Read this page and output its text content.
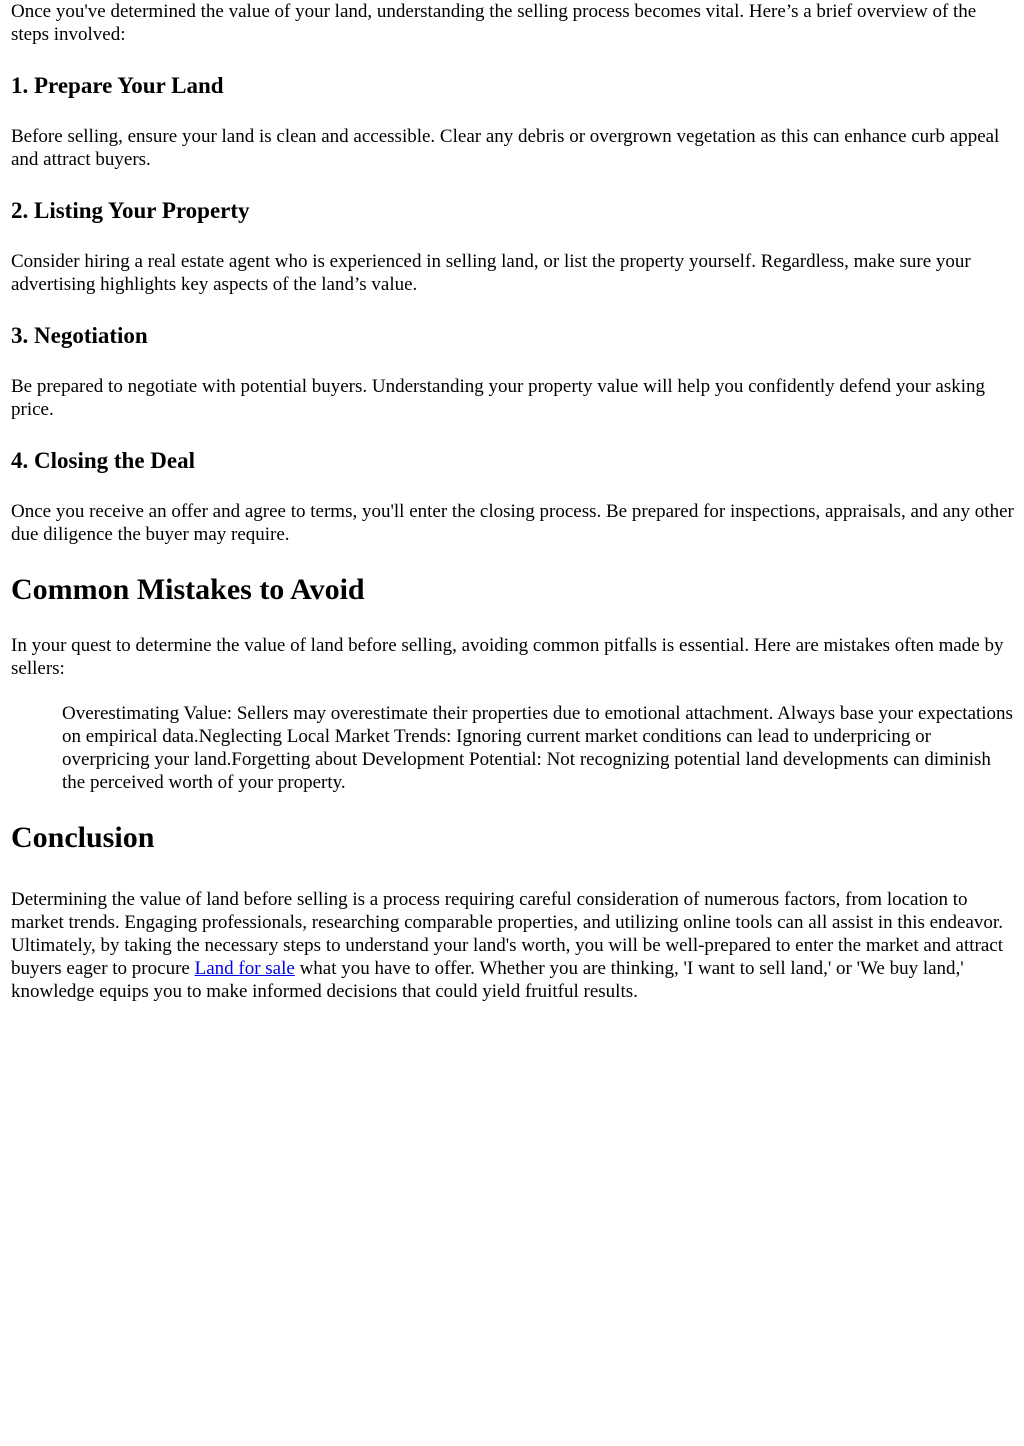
Once you've determined the value of your land, understanding the selling process becomes vital. Here’s a brief overview of the steps involved:

1. Prepare Your Land

Before selling, ensure your land is clean and accessible. Clear any debris or overgrown vegetation as this can enhance curb appeal and attract buyers.

2. Listing Your Property

Consider hiring a real estate agent who is experienced in selling land, or list the property yourself. Regardless, make sure your advertising highlights key aspects of the land’s value.

3. Negotiation

Be prepared to negotiate with potential buyers. Understanding your property value will help you confidently defend your asking price.

4. Closing the Deal

Once you receive an offer and agree to terms, you'll enter the closing process. Be prepared for inspections, appraisals, and any other due diligence the buyer may require.

Common Mistakes to Avoid

In your quest to determine the value of land before selling, avoiding common pitfalls is essential. Here are mistakes often made by sellers:

Overestimating Value: Sellers may overestimate their properties due to emotional attachment. Always base your expectations on empirical data.Neglecting Local Market Trends: Ignoring current market conditions can lead to underpricing or overpricing your land.Forgetting about Development Potential: Not recognizing potential land developments can diminish the perceived worth of your property.
Conclusion

Determining the value of land before selling is a process requiring careful consideration of numerous factors, from location to market trends. Engaging professionals, researching comparable properties, and utilizing online tools can all assist in this endeavor. Ultimately, by taking the necessary steps to understand your land's worth, you will be well-prepared to enter the market and attract buyers eager to procure Land for sale what you have to offer. Whether you are thinking, 'I want to sell land,' or 'We buy land,' knowledge equips you to make informed decisions that could yield fruitful results.
